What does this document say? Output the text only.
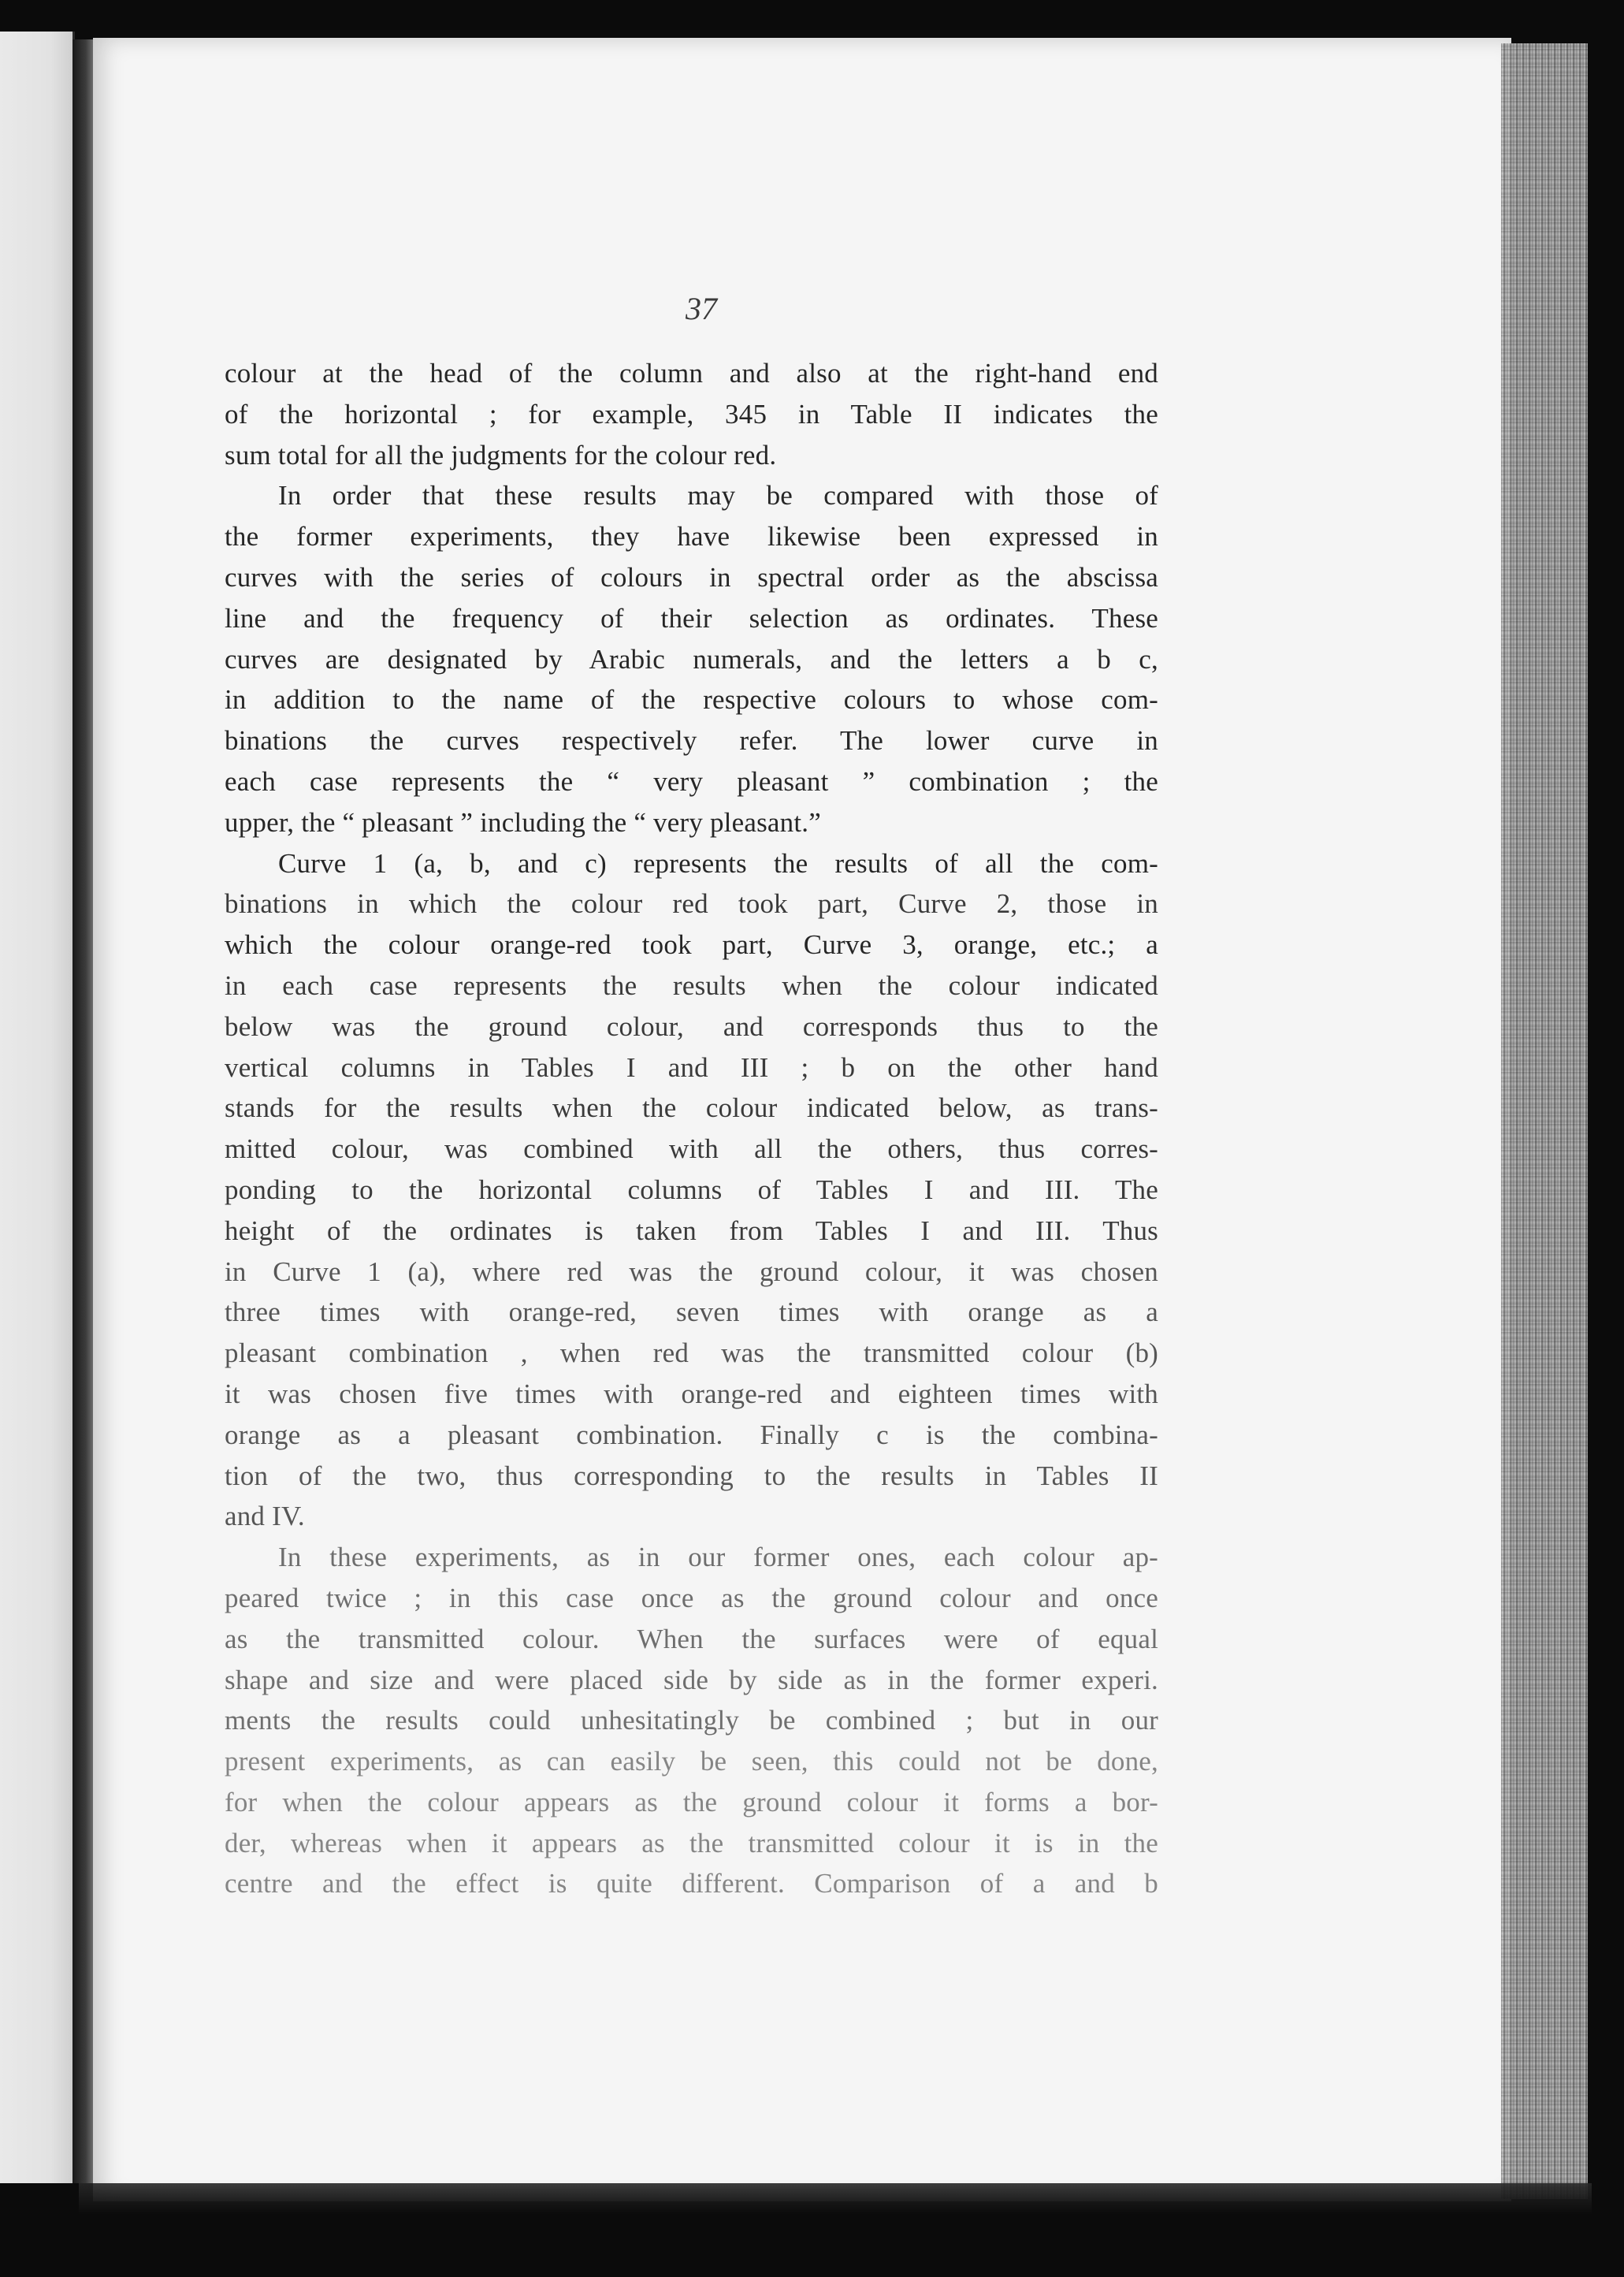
37
colour at the head of the column and also at the right-hand end
of the horizontal ; for example, 345 in Table II indicates the
sum total for all the judgments for the colour red.
In order that these results may be compared with those of
the former experiments, they have likewise been expressed in
curves with the series of colours in spectral order as the abscissa
line and the frequency of their selection as ordinates. These
curves are designated by Arabic numerals, and the letters a b c,
in addition to the name of the respective colours to whose com-
binations the curves respectively refer. The lower curve in
each case represents the “ very pleasant ” combination ; the
upper, the “ pleasant ” including the “ very pleasant.”
Curve 1 (a, b, and c) represents the results of all the com-
binations in which the colour red took part, Curve 2, those in
which the colour orange-red took part, Curve 3, orange, etc.; a
in each case represents the results when the colour indicated
below was the ground colour, and corresponds thus to the
vertical columns in Tables I and III ; b on the other hand
stands for the results when the colour indicated below, as trans-
mitted colour, was combined with all the others, thus corres-
ponding to the horizontal columns of Tables I and III. The
height of the ordinates is taken from Tables I and III. Thus
in Curve 1 (a), where red was the ground colour, it was chosen
three times with orange-red, seven times with orange as a
pleasant combination , when red was the transmitted colour (b)
it was chosen five times with orange-red and eighteen times with
orange as a pleasant combination. Finally c is the combina-
tion of the two, thus corresponding to the results in Tables II
and IV.
In these experiments, as in our former ones, each colour ap-
peared twice ; in this case once as the ground colour and once
as the transmitted colour. When the surfaces were of equal
shape and size and were placed side by side as in the former experi.
ments the results could unhesitatingly be combined ; but in our
present experiments, as can easily be seen, this could not be done,
for when the colour appears as the ground colour it forms a bor-
der, whereas when it appears as the transmitted colour it is in the
centre and the effect is quite different. Comparison of a and b
